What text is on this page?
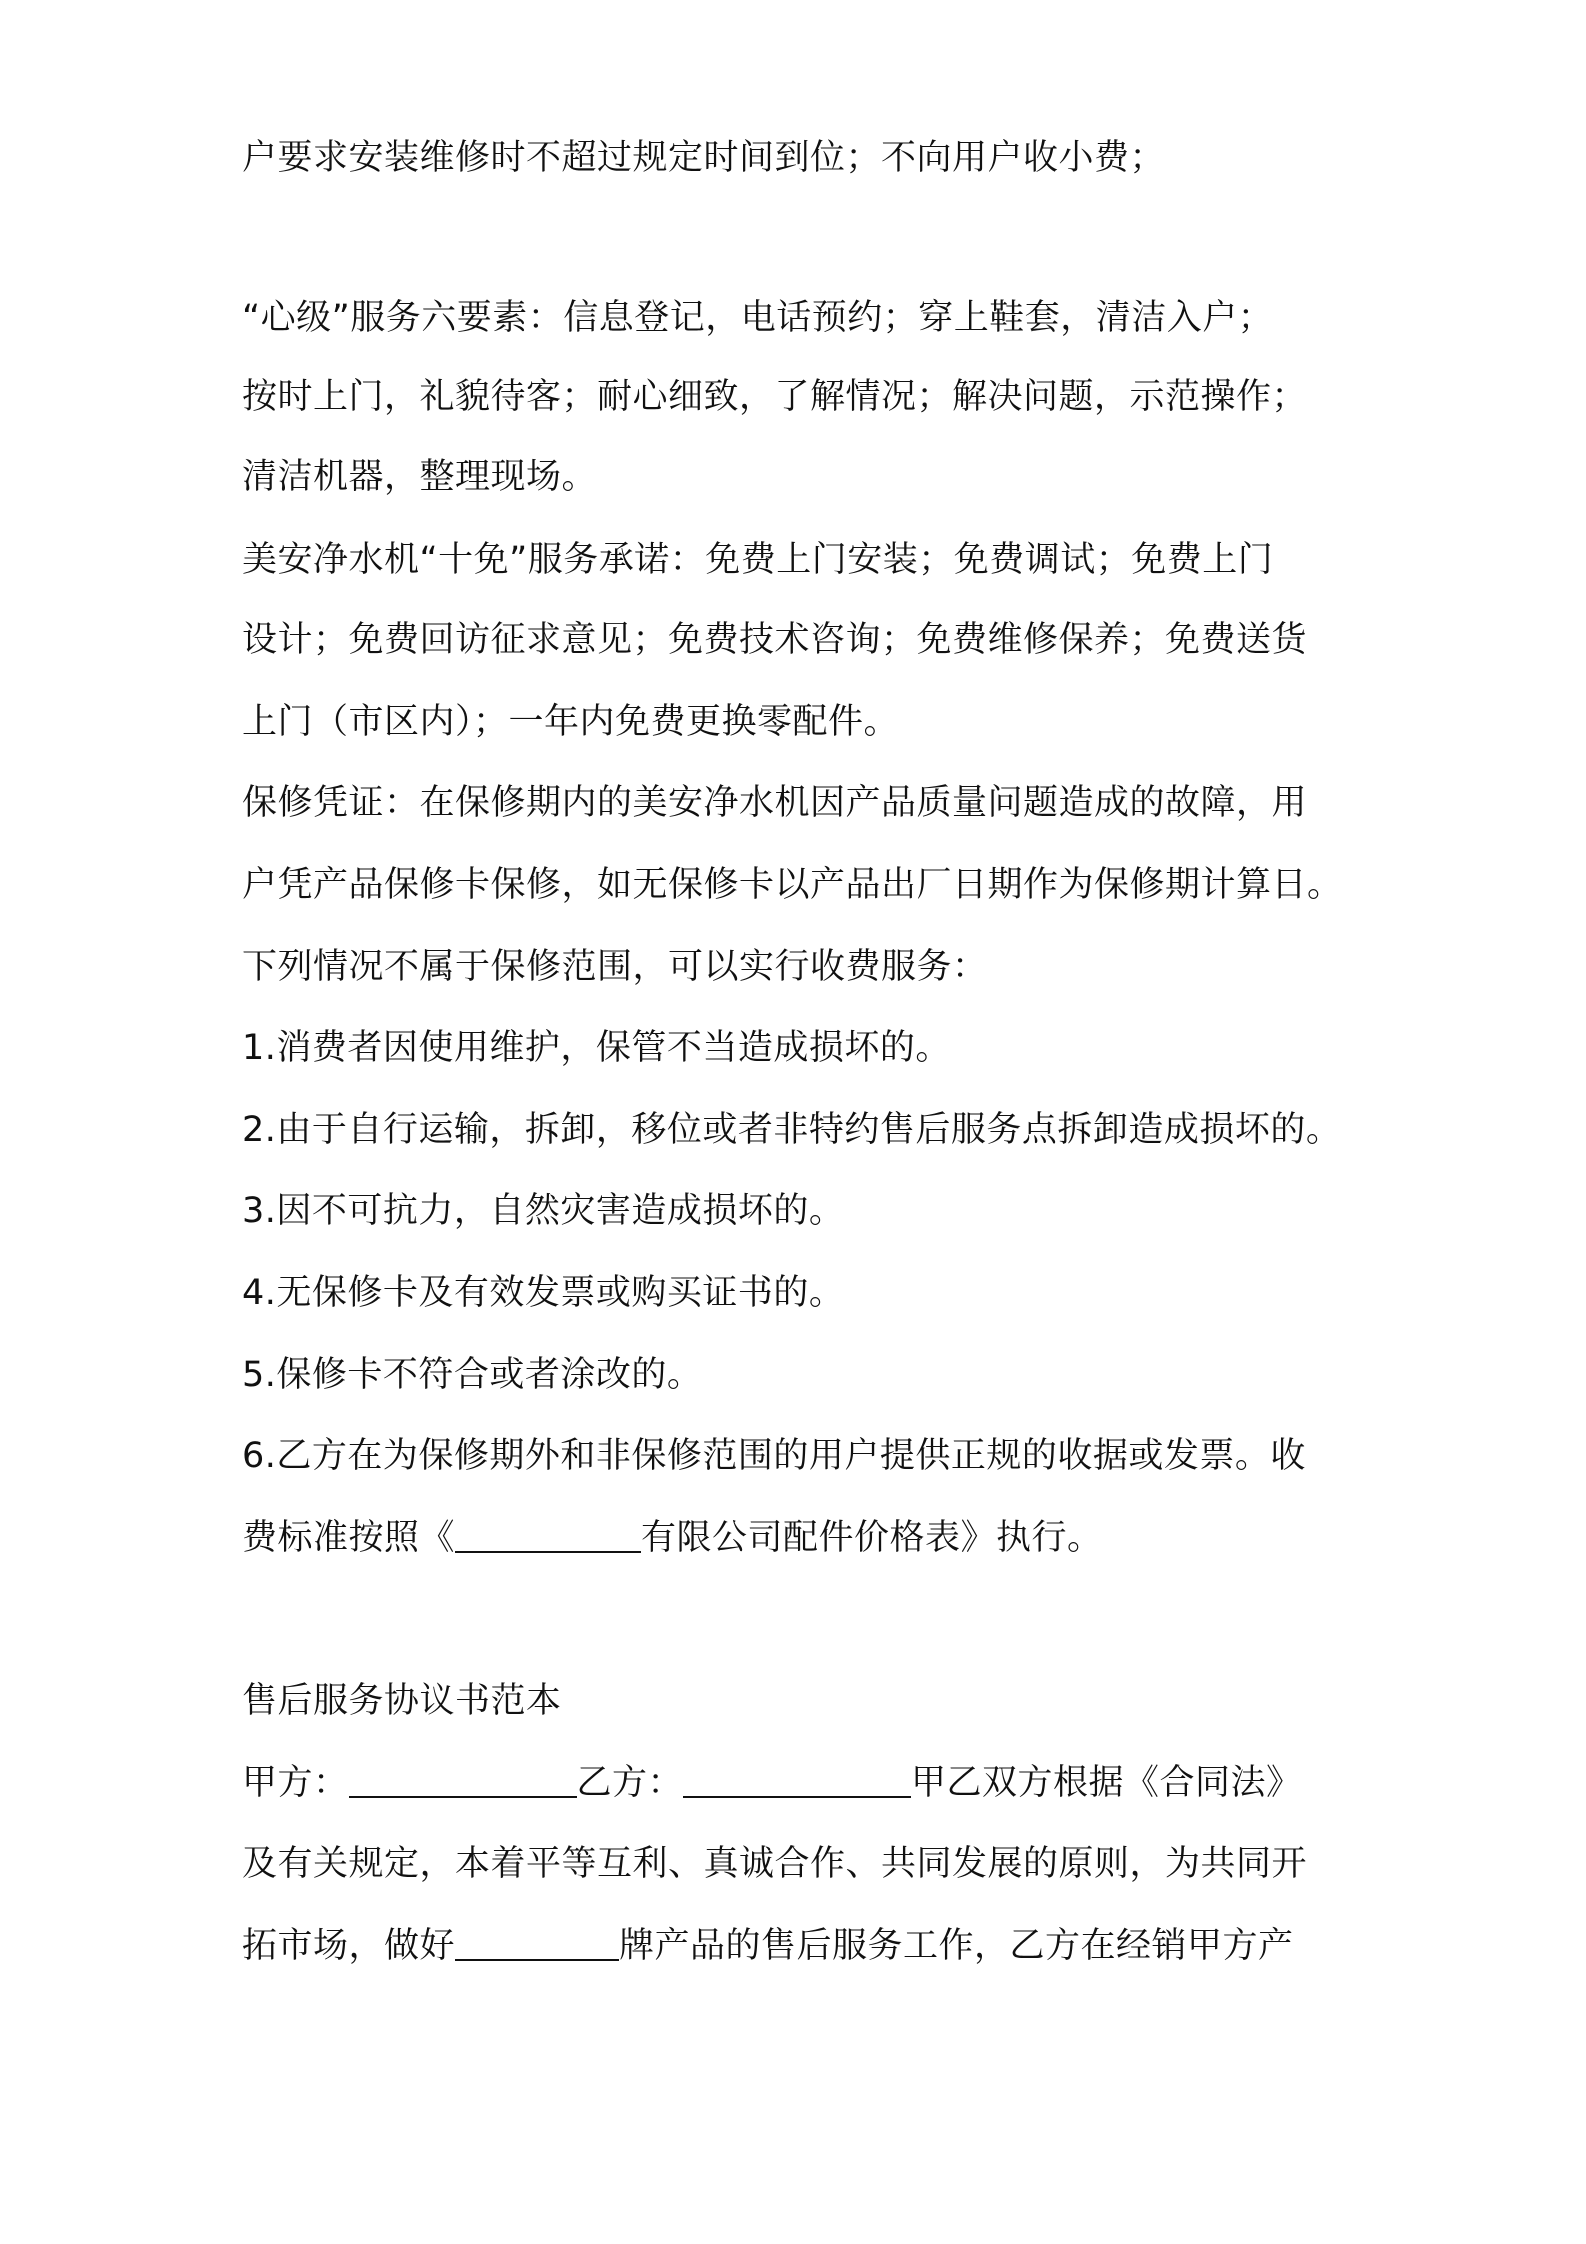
户要求安装维修时不超过规定时间到位；不向用户收小费；
“心级”服务六要素：信息登记，电话预约；穿上鞋套，清洁入户；
按时上门，礼貌待客；耐心细致，了解情况；解决问题，示范操作；
清洁机器，整理现场。
美安净水机“十免”服务承诺：免费上门安装；免费调试；免费上门
设计；免费回访征求意见；免费技术咨询；免费维修保养；免费送货
上门（市区内）；一年内免费更换零配件。
保修凭证：在保修期内的美安净水机因产品质量问题造成的故障，用
户凭产品保修卡保修，如无保修卡以产品出厂日期作为保修期计算日。
下列情况不属于保修范围，可以实行收费服务：
1.消费者因使用维护，保管不当造成损坏的。
2.由于自行运输，拆卸，移位或者非特约售后服务点拆卸造成损坏的。
3.因不可抗力，自然灾害造成损坏的。
4.无保修卡及有效发票或购买证书的。
5.保修卡不符合或者涂改的。
6.乙方在为保修期外和非保修范围的用户提供正规的收据或发票。收
费标准按照《	有限公司配件价格表》执行。
售后服务协议书范本
甲方：	乙方：	甲乙双方根据《合同法》
及有关规定，本着平等互利、真诚合作、共同发展的原则，为共同开
拓市场，做好	牌产品的售后服务工作，乙方在经销甲方产
